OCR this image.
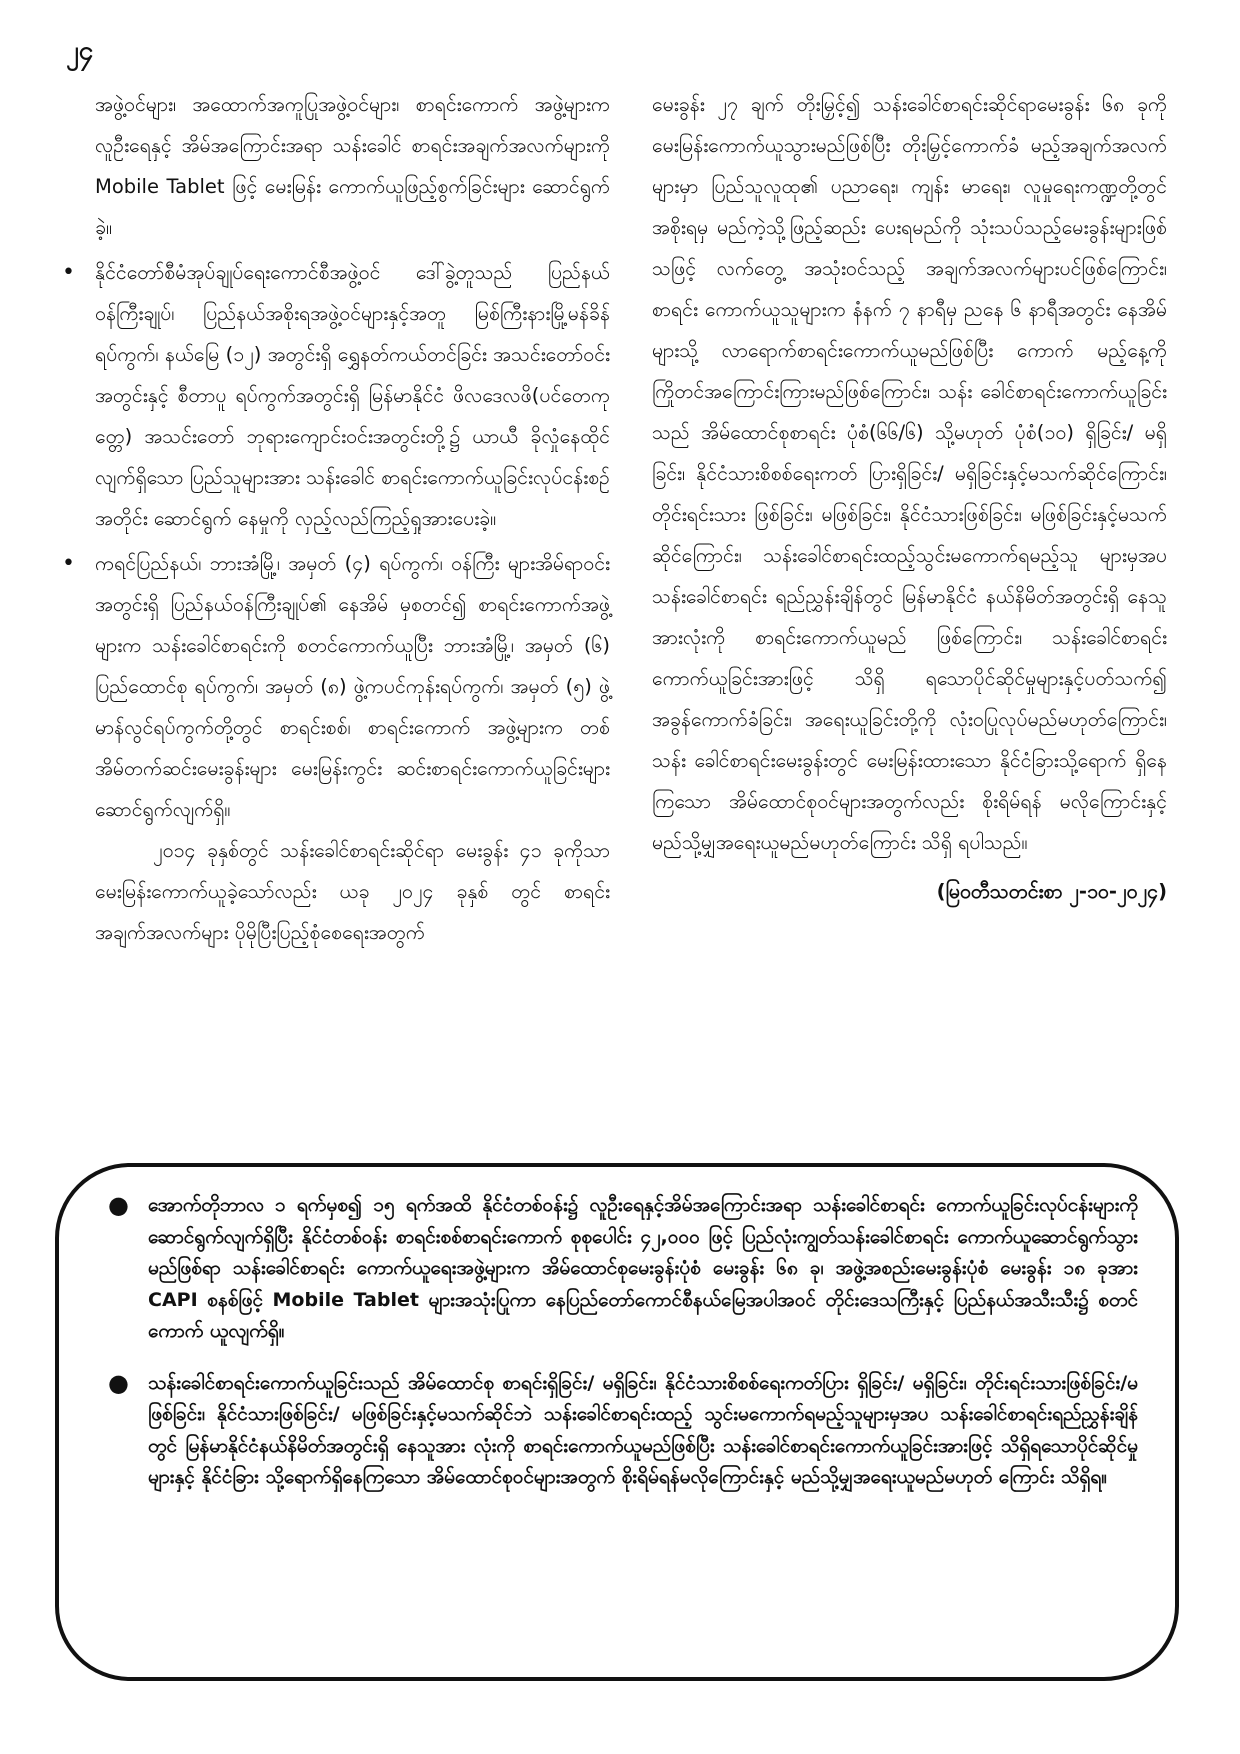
၂၄

အဖွဲ့ဝင်များ၊ အထောက်အကူပြုအဖွဲ့ဝင်များ၊ စာရင်းကောက် အဖွဲ့များက လူဦးရေနှင့် အိမ်အကြောင်းအရာ သန်းခေါင် စာရင်းအချက်အလက်များကို Mobile Tablet ဖြင့် မေးမြန်း ကောက်ယူဖြည့်စွက်ခြင်းများ ဆောင်ရွက်ခဲ့။

• နိုင်ငံတော်စီမံအုပ်ချုပ်ရေးကောင်စီအဖွဲ့ဝင် ဒေါ်ခွဲ့တူသည် ပြည်နယ်ဝန်ကြီးချုပ်၊ ပြည်နယ်အစိုးရအဖွဲ့ဝင်များနှင့်အတူ မြစ်ကြီးနားမြို့မန်ခိန်ရပ်ကွက်၊ နယ်မြေ (၁၂) အတွင်းရှိ ရွှေနတ်ကယ်တင်ခြင်း အသင်းတော်ဝင်းအတွင်းနှင့် စီတာပူ ရပ်ကွက်အတွင်းရှိ မြန်မာနိုင်ငံ ဖိလဒေလဖိ(ပင်တေကုတ္တေ) အသင်းတော် ဘုရားကျောင်းဝင်းအတွင်းတို့၌ ယာယီ ခိုလှုံနေထိုင်လျက်ရှိသော ပြည်သူများအား သန်းခေါင် စာရင်းကောက်ယူခြင်းလုပ်ငန်းစဉ်အတိုင်း ဆောင်ရွက် နေမှုကို လှည့်လည်ကြည့်ရှုအားပေးခဲ့။

• ကရင်ပြည်နယ်၊ ဘားအံမြို့၊ အမှတ် (၄) ရပ်ကွက်၊ ဝန်ကြီး များအိမ်ရာဝင်းအတွင်းရှိ ပြည်နယ်ဝန်ကြီးချုပ်၏ နေအိမ် မှစတင်၍ စာရင်းကောက်အဖွဲ့များက သန်းခေါင်စာရင်းကို စတင်ကောက်ယူပြီး ဘားအံမြို့၊ အမှတ် (၆) ပြည်ထောင်စု ရပ်ကွက်၊ အမှတ် (၈) ဖွဲ့ကပင်ကုန်းရပ်ကွက်၊ အမှတ် (၅) ဖွဲ့မာန်လွင်ရပ်ကွက်တို့တွင် စာရင်းစစ်၊ စာရင်းကောက် အဖွဲ့များက တစ်အိမ်တက်ဆင်းမေးခွန်းများ မေးမြန်းကွင်း ဆင်းစာရင်းကောက်ယူခြင်းများဆောင်ရွက်လျက်ရှိ။

၂၀၁၄ ခုနှစ်တွင် သန်းခေါင်စာရင်းဆိုင်ရာ မေးခွန်း ၄၁ ခုကိုသာ မေးမြန်းကောက်ယူခဲ့သော်လည်း ယခု ၂၀၂၄ ခုနှစ် တွင် စာရင်းအချက်အလက်များ ပိုမိုပြီးပြည့်စုံစေရေးအတွက်

မေးခွန်း ၂၇ ချက် တိုးမြှင့်၍ သန်းခေါင်စာရင်းဆိုင်ရာမေးခွန်း ၆၈ ခုကို မေးမြန်းကောက်ယူသွားမည်ဖြစ်ပြီး တိုးမြှင့်ကောက်ခံ မည့်အချက်အလက်များမှာ ပြည်သူလူထု၏ ပညာရေး၊ ကျန်း မာရေး၊ လူမှုရေးကဏ္ဍတို့တွင် အစိုးရမှ မည်ကဲ့သို့ဖြည့်ဆည်း ပေးရမည်ကို သုံးသပ်သည့်မေးခွန်းများဖြစ်သဖြင့် လက်တွေ့ အသုံးဝင်သည့် အချက်အလက်များပင်ဖြစ်ကြောင်း၊ စာရင်း ကောက်ယူသူများက နံနက် ၇ နာရီမှ ညနေ ၆ နာရီအတွင်း နေအိမ်များသို့ လာရောက်စာရင်းကောက်ယူမည်ဖြစ်ပြီး ကောက် မည့်နေ့ကို ကြိုတင်အကြောင်းကြားမည်ဖြစ်ကြောင်း၊ သန်း ခေါင်စာရင်းကောက်ယူခြင်းသည် အိမ်ထောင်စုစာရင်း ပုံစံ(၆၆/၆) သို့မဟုတ် ပုံစံ(၁၀) ရှိခြင်း/ မရှိခြင်း၊ နိုင်ငံသားစိစစ်ရေးကတ် ပြားရှိခြင်း/ မရှိခြင်းနှင့်မသက်ဆိုင်ကြောင်း၊ တိုင်းရင်းသား ဖြစ်ခြင်း၊ မဖြစ်ခြင်း၊ နိုင်ငံသားဖြစ်ခြင်း၊ မဖြစ်ခြင်းနှင့်မသက် ဆိုင်ကြောင်း၊ သန်းခေါင်စာရင်းထည့်သွင်းမကောက်ရမည့်သူ များမှအပ သန်းခေါင်စာရင်း ရည်ညွှန်းချိန်တွင် မြန်မာနိုင်ငံ နယ်နိမိတ်အတွင်းရှိ နေသူအားလုံးကို စာရင်းကောက်ယူမည် ဖြစ်ကြောင်း၊ သန်းခေါင်စာရင်းကောက်ယူခြင်းအားဖြင့် သိရှိ ရသောပိုင်ဆိုင်မှုများနှင့်ပတ်သက်၍ အခွန်ကောက်ခံခြင်း၊ အရေးယူခြင်းတို့ကို လုံးဝပြုလုပ်မည်မဟုတ်ကြောင်း၊ သန်း ခေါင်စာရင်းမေးခွန်းတွင် မေးမြန်းထားသော နိုင်ငံခြားသို့ရောက် ရှိနေကြသော အိမ်ထောင်စုဝင်များအတွက်လည်း စိုးရိမ်ရန် မလိုကြောင်းနှင့် မည်သို့မျှအရေးယူမည်မဟုတ်ကြောင်း သိရှိ ရပါသည်။

(မြဝတီသတင်းစာ ၂-၁၀-၂၀၂၄)

● အောက်တိုဘာလ ၁ ရက်မှစ၍ ၁၅ ရက်အထိ နိုင်ငံတစ်ဝန်း၌ လူဦးရေနှင့်အိမ်အကြောင်းအရာ သန်းခေါင်စာရင်း ကောက်ယူခြင်းလုပ်ငန်းများကို ဆောင်ရွက်လျက်ရှိပြီး နိုင်ငံတစ်ဝန်း စာရင်းစစ်စာရင်းကောက် စုစုပေါင်း ၄၂,၀၀၀ ဖြင့် ပြည်လုံးကျွတ်သန်းခေါင်စာရင်း ကောက်ယူဆောင်ရွက်သွားမည်ဖြစ်ရာ သန်းခေါင်စာရင်း ကောက်ယူရေးအဖွဲ့များက အိမ်ထောင်စုမေးခွန်းပုံစံ မေးခွန်း ၆၈ ခု၊ အဖွဲ့အစည်းမေးခွန်းပုံစံ မေးခွန်း ၁၈ ခုအား CAPI စနစ်ဖြင့် Mobile Tablet များအသုံးပြုကာ နေပြည်တော်ကောင်စီနယ်မြေအပါအဝင် တိုင်းဒေသကြီးနှင့် ပြည်နယ်အသီးသီး၌ စတင်ကောက် ယူလျက်ရှိ။

● သန်းခေါင်စာရင်းကောက်ယူခြင်းသည် အိမ်ထောင်စု စာရင်းရှိခြင်း/ မရှိခြင်း၊ နိုင်ငံသားစိစစ်ရေးကတ်ပြား ရှိခြင်း/ မရှိခြင်း၊ တိုင်းရင်းသားဖြစ်ခြင်း/မဖြစ်ခြင်း၊ နိုင်ငံသားဖြစ်ခြင်း/ မဖြစ်ခြင်းနှင့်မသက်ဆိုင်ဘဲ သန်းခေါင်စာရင်းထည့် သွင်းမကောက်ရမည့်သူများမှအပ သန်းခေါင်စာရင်းရည်ညွှန်းချိန်တွင် မြန်မာနိုင်ငံနယ်နိမိတ်အတွင်းရှိ နေသူအား လုံးကို စာရင်းကောက်ယူမည်ဖြစ်ပြီး သန်းခေါင်စာရင်းကောက်ယူခြင်းအားဖြင့် သိရှိရသောပိုင်ဆိုင်မှုများနှင့် နိုင်ငံခြား သို့ရောက်ရှိနေကြသော အိမ်ထောင်စုဝင်များအတွက် စိုးရိမ်ရန်မလိုကြောင်းနှင့် မည်သို့မျှအရေးယူမည်မဟုတ် ကြောင်း သိရှိရ။
